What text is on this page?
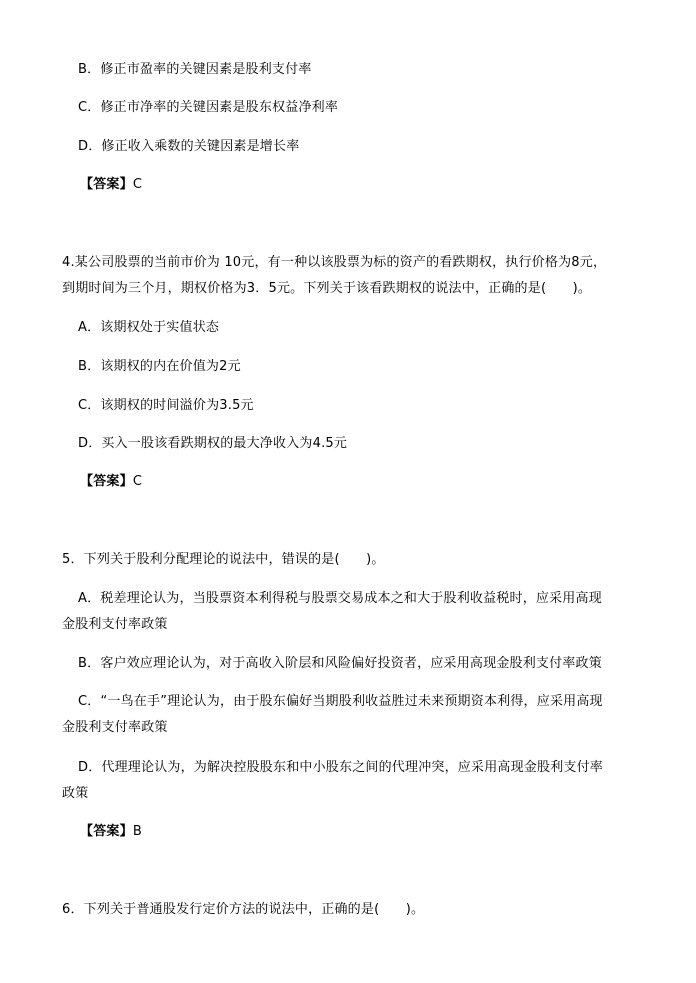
B．修正市盈率的关键因素是股利支付率
C．修正市净率的关键因素是股东权益净利率
D．修正收入乘数的关键因素是增长率
【答案】C
4.某公司股票的当前市价为 10元，有一种以该股票为标的资产的看跌期权，执行价格为8元，
到期时间为三个月，期权价格为3．5元。下列关于该看跌期权的说法中，正确的是(　　)。
A．该期权处于实值状态
B．该期权的内在价值为2元
C．该期权的时间溢价为3.5元
D．买入一股该看跌期权的最大净收入为4.5元
【答案】C
5．下列关于股利分配理论的说法中，错误的是(　　)。
A．税差理论认为，当股票资本利得税与股票交易成本之和大于股利收益税时，应采用高现
金股利支付率政策
B．客户效应理论认为，对于高收入阶层和风险偏好投资者，应采用高现金股利支付率政策
C．“一鸟在手”理论认为，由于股东偏好当期股利收益胜过未来预期资本利得，应采用高现
金股利支付率政策
D．代理理论认为，为解决控股股东和中小股东之间的代理冲突，应采用高现金股利支付率
政策
【答案】B
6．下列关于普通股发行定价方法的说法中，正确的是(　　)。
